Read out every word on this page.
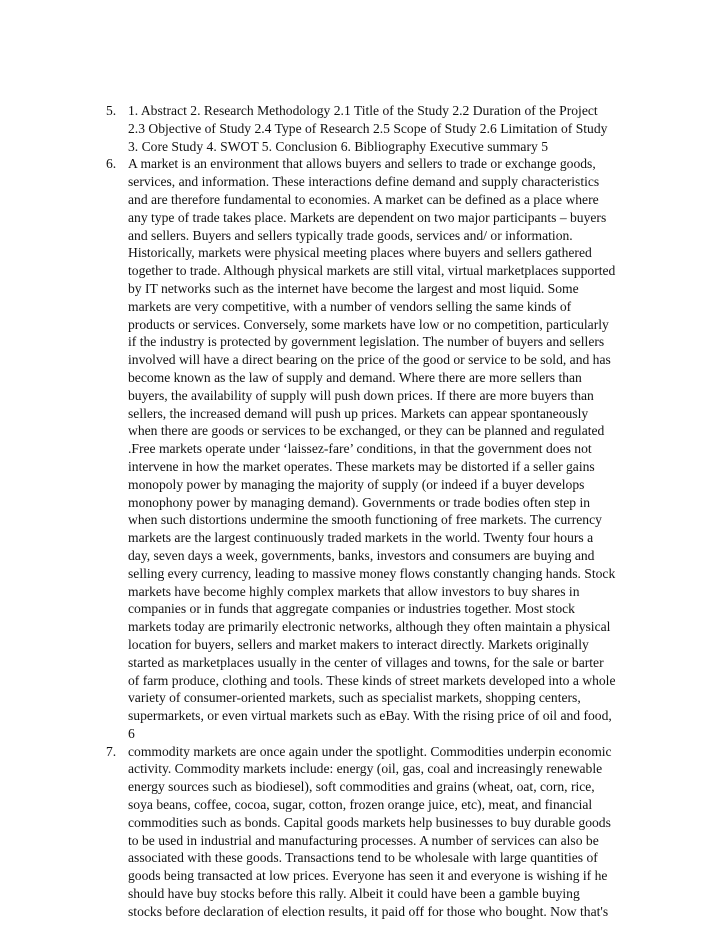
5. 1. Abstract 2. Research Methodology 2.1 Title of the Study 2.2 Duration of the Project
2.3 Objective of Study 2.4 Type of Research 2.5 Scope of Study 2.6 Limitation of Study
3. Core Study 4. SWOT 5. Conclusion 6. Bibliography Executive summary 5
6. A market is an environment that allows buyers and sellers to trade or exchange goods,
services, and information. These interactions define demand and supply characteristics
and are therefore fundamental to economies. A market can be defined as a place where
any type of trade takes place. Markets are dependent on two major participants – buyers
and sellers. Buyers and sellers typically trade goods, services and/ or information.
Historically, markets were physical meeting places where buyers and sellers gathered
together to trade. Although physical markets are still vital, virtual marketplaces supported
by IT networks such as the internet have become the largest and most liquid. Some
markets are very competitive, with a number of vendors selling the same kinds of
products or services. Conversely, some markets have low or no competition, particularly
if the industry is protected by government legislation. The number of buyers and sellers
involved will have a direct bearing on the price of the good or service to be sold, and has
become known as the law of supply and demand. Where there are more sellers than
buyers, the availability of supply will push down prices. If there are more buyers than
sellers, the increased demand will push up prices. Markets can appear spontaneously
when there are goods or services to be exchanged, or they can be planned and regulated
.Free markets operate under ‘laissez-fare’ conditions, in that the government does not
intervene in how the market operates. These markets may be distorted if a seller gains
monopoly power by managing the majority of supply (or indeed if a buyer develops
monophony power by managing demand). Governments or trade bodies often step in
when such distortions undermine the smooth functioning of free markets. The currency
markets are the largest continuously traded markets in the world. Twenty four hours a
day, seven days a week, governments, banks, investors and consumers are buying and
selling every currency, leading to massive money flows constantly changing hands. Stock
markets have become highly complex markets that allow investors to buy shares in
companies or in funds that aggregate companies or industries together. Most stock
markets today are primarily electronic networks, although they often maintain a physical
location for buyers, sellers and market makers to interact directly. Markets originally
started as marketplaces usually in the center of villages and towns, for the sale or barter
of farm produce, clothing and tools. These kinds of street markets developed into a whole
variety of consumer-oriented markets, such as specialist markets, shopping centers,
supermarkets, or even virtual markets such as eBay. With the rising price of oil and food,
6
7. commodity markets are once again under the spotlight. Commodities underpin economic
activity. Commodity markets include: energy (oil, gas, coal and increasingly renewable
energy sources such as biodiesel), soft commodities and grains (wheat, oat, corn, rice,
soya beans, coffee, cocoa, sugar, cotton, frozen orange juice, etc), meat, and financial
commodities such as bonds. Capital goods markets help businesses to buy durable goods
to be used in industrial and manufacturing processes. A number of services can also be
associated with these goods. Transactions tend to be wholesale with large quantities of
goods being transacted at low prices. Everyone has seen it and everyone is wishing if he
should have buy stocks before this rally. Albeit it could have been a gamble buying
stocks before declaration of election results, it paid off for those who bought. Now that's
